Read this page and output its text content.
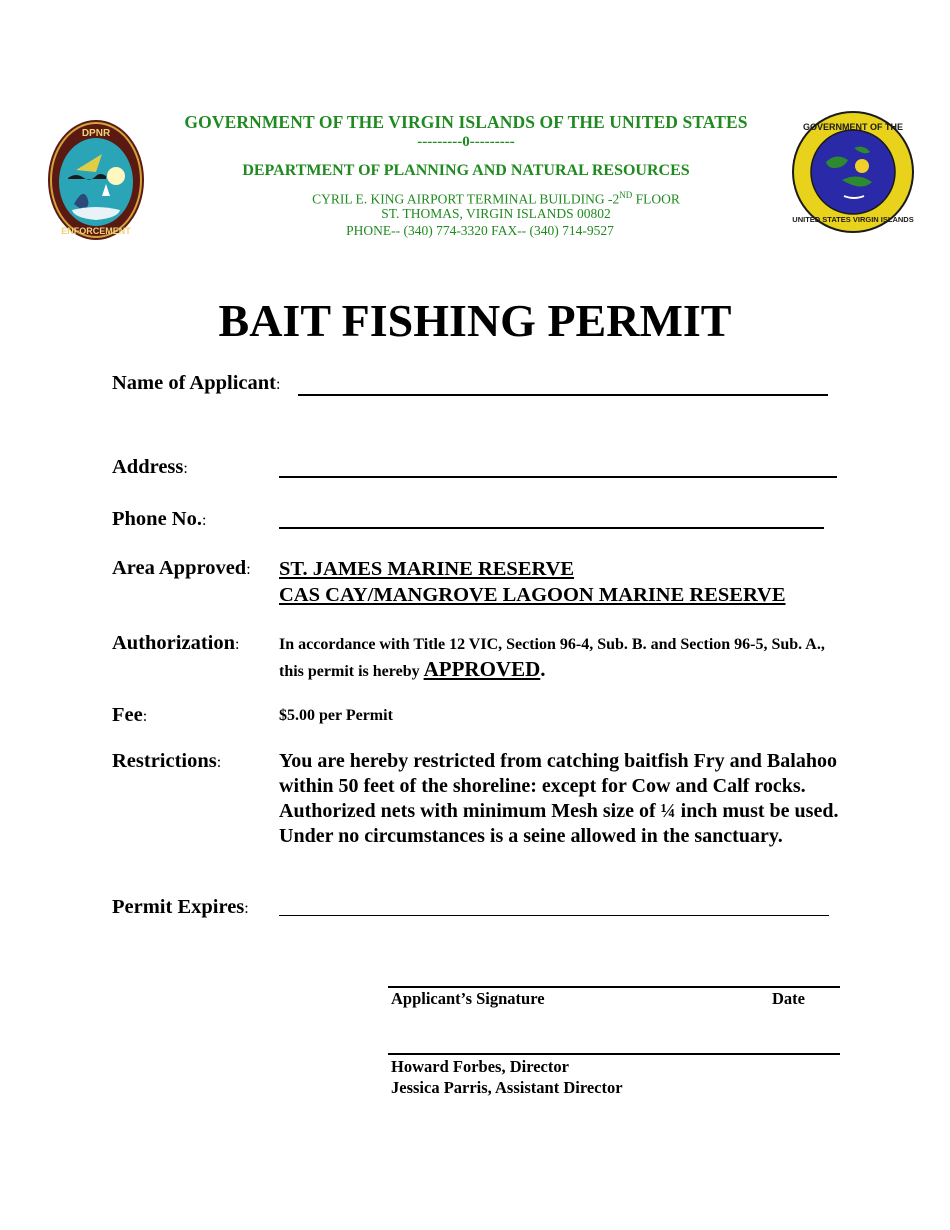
DPNR
ENFORCEMENT
GOVERNMENT OF THE
UNITED STATES VIRGIN ISLANDS
GOVERNMENT OF THE VIRGIN ISLANDS OF THE UNITED STATES
---------0---------
DEPARTMENT OF PLANNING AND NATURAL RESOURCES
CYRIL E. KING AIRPORT TERMINAL BUILDING -2ND FLOOR
ST. THOMAS, VIRGIN ISLANDS 00802
PHONE-- (340) 774-3320 FAX-- (340) 714-9527
BAIT FISHING PERMIT
Name of Applicant:
Address:
Phone No.:
Area Approved: ST. JAMES MARINE RESERVE
CAS CAY/MANGROVE LAGOON MARINE RESERVE
Authorization: In accordance with Title 12 VIC, Section 96-4, Sub. B. and Section 96-5, Sub. A., this permit is hereby APPROVED.
Fee:	$5.00 per Permit
Restrictions:	You are hereby restricted from catching baitfish Fry and Balahoo within 50 feet of the shoreline: except for Cow and Calf rocks. Authorized nets with minimum Mesh size of ¼ inch must be used. Under no circumstances is a seine allowed in the sanctuary.
Permit Expires:
Applicant’s Signature	Date
Howard Forbes, Director
Jessica Parris, Assistant Director
